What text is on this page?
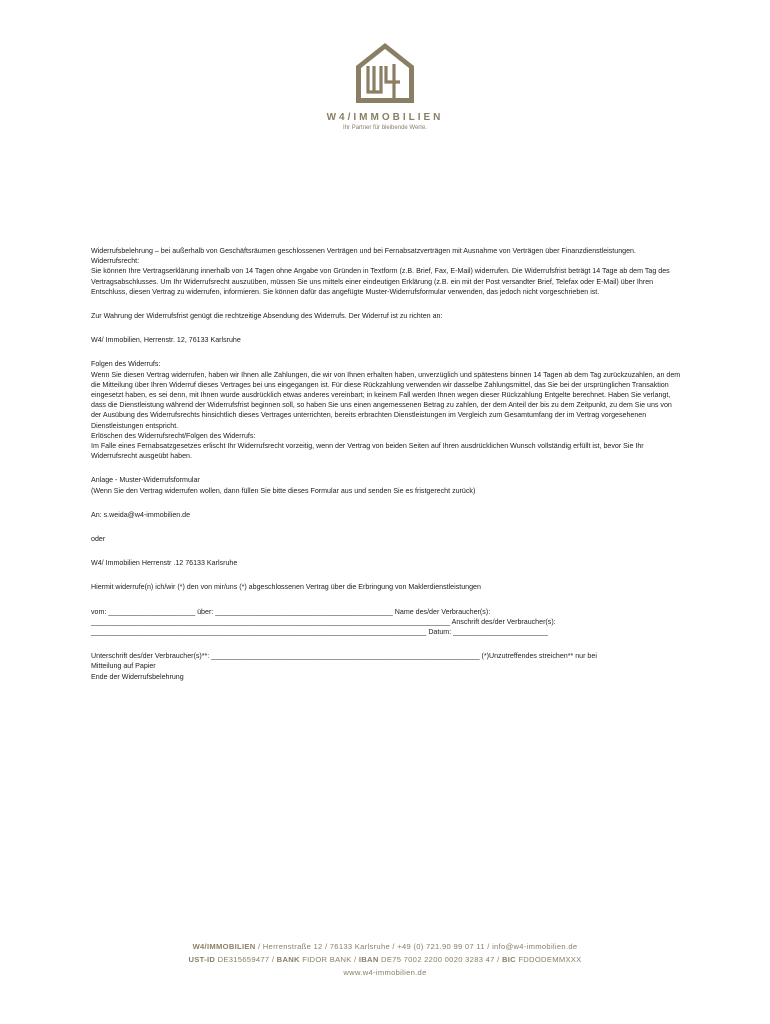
W4/IMMOBILIEN
Ihr Partner für bleibende Werte.

Widerrufsbelehrung – bei außerhalb von Geschäftsräumen geschlossenen Verträgen und bei Fernabsatzverträgen mit Ausnahme von Verträgen über Finanzdienstleistungen.

Widerrufsrecht:

Sie können Ihre Vertragserklärung innerhalb von 14 Tagen ohne Angabe von Gründen in Textform (z.B. Brief, Fax, E-Mail) widerrufen. Die Widerrufsfrist beträgt 14 Tage ab dem Tag des Vertragsabschlusses. Um Ihr Widerrufsrecht auszuüben, müssen Sie uns mittels einer eindeutigen Erklärung (z.B. ein mit der Post versandter Brief, Telefax oder E-Mail) über Ihren Entschluss, diesen Vertrag zu widerrufen, informieren. Sie können dafür das angefügte Muster-Widerrufsformular verwenden, das jedoch nicht vorgeschrieben ist.

Zur Wahrung der Widerrufsfrist genügt die rechtzeitige Absendung des Widerrufs. Der Widerruf ist zu richten an:

W4/ Immobilien, Herrenstr. 12, 76133 Karlsruhe

Folgen des Widerrufs:

Wenn Sie diesen Vertrag widerrufen, haben wir Ihnen alle Zahlungen, die wir von Ihnen erhalten haben, unverzüglich und spätestens binnen 14 Tagen ab dem Tag zurückzuzahlen, an dem die Mitteilung über Ihren Widerruf dieses Vertrages bei uns eingegangen ist. Für diese Rückzahlung verwenden wir dasselbe Zahlungsmittel, das Sie bei der ursprünglichen Transaktion eingesetzt haben, es sei denn, mit Ihnen wurde ausdrücklich etwas anderes vereinbart; in keinem Fall werden Ihnen wegen dieser Rückzahlung Entgelte berechnet. Haben Sie verlangt, dass die Dienstleistung während der Widerrufsfrist beginnen soll, so haben Sie uns einen angemessenen Betrag zu zahlen, der dem Anteil der bis zu dem Zeitpunkt, zu dem Sie uns von der Ausübung des Widerrufsrechts hinsichtlich dieses Vertrages unterrichten, bereits erbrachten Dienstleistungen im Vergleich zum Gesamtumfang der im Vertrag vorgesehenen Dienstleistungen entspricht.

Erlöschen des Widerrufsrecht/Folgen des Widerrufs:

Im Falle eines Fernabsatzgesetzes erlischt Ihr Widerrufsrecht vorzeitig, wenn der Vertrag von beiden Seiten auf Ihren ausdrücklichen Wunsch vollständig erfüllt ist, bevor Sie Ihr Widerrufsrecht ausgeübt haben.

Anlage - Muster-Widerrufsformular

(Wenn Sie den Vertrag widerrufen wollen, dann füllen Sie bitte dieses Formular aus und senden Sie es fristgerecht zurück)

An: s.weida@w4-immobilien.de

oder

W4/ Immobilien Herrenstr .12 76133 Karlsruhe

Hiermit widerrufe(n) ich/wir (*) den von mir/uns (*) abgeschlossenen Vertrag über die Erbringung von Maklerdienstleistungen

vom: ______________________ über: _____________________________________________ Name des/der Verbraucher(s):

___________________________________________________________________________________________ Anschrift des/der Verbraucher(s):

_____________________________________________________________________________________ Datum: ________________________

Unterschrift des/der Verbraucher(s)**: ____________________________________________________________________ (*)Unzutreffendes streichen** nur bei

Mitteilung auf Papier

Ende der Widerrufsbelehrung

W4/IMMOBILIEN / Herrenstraße 12 / 76133 Karlsruhe / +49 (0) 721.90 99 07 11 / info@w4-immobilien.de
UST-ID DE315659477 / BANK FIDOR BANK / IBAN DE75 7002 2200 0020 3283 47 / BIC FDDODEMMXXX
www.w4-immobilien.de
